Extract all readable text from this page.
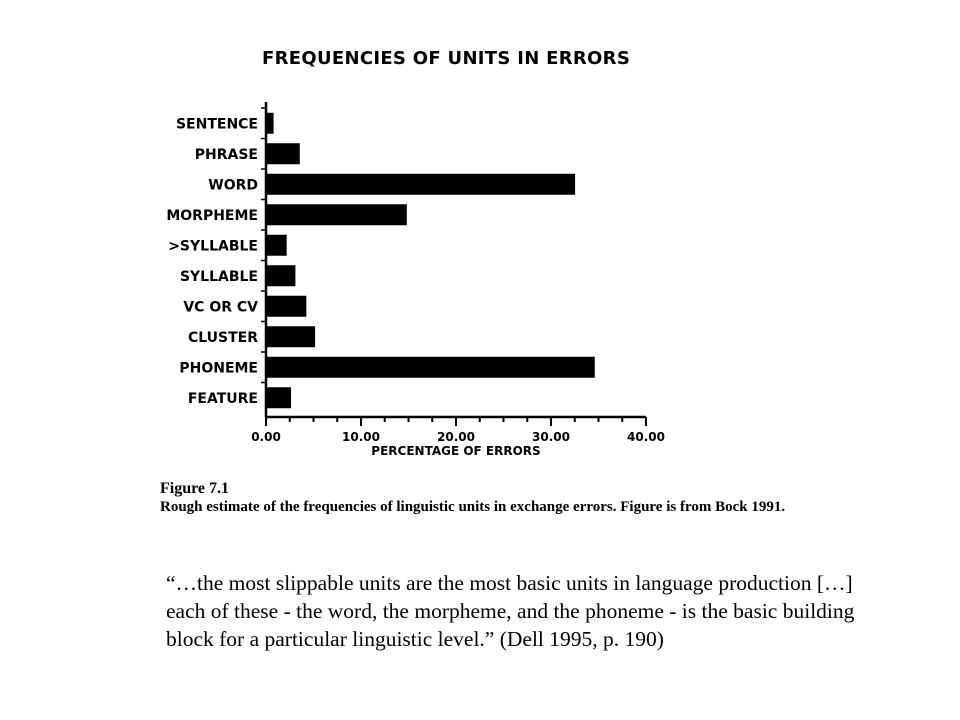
FREQUENCIES OF UNITS IN ERRORS
0.00	10.00	20.00	30.00	40.00
PERCENTAGE OF ERRORS
SENTENCE
PHRASE
WORD
MORPHEME
>SYLLABLE
SYLLABLE
VC OR CV
CLUSTER
PHONEME
FEATURE
Figure 7.1
Rough estimate of the frequencies of linguistic units in exchange errors. Figure is from Bock 1991.
“…the most slippable units are the most basic units in language production […] each of these - the word, the morpheme, and the phoneme - is the basic building block for a particular linguistic level.” (Dell 1995, p. 190)
